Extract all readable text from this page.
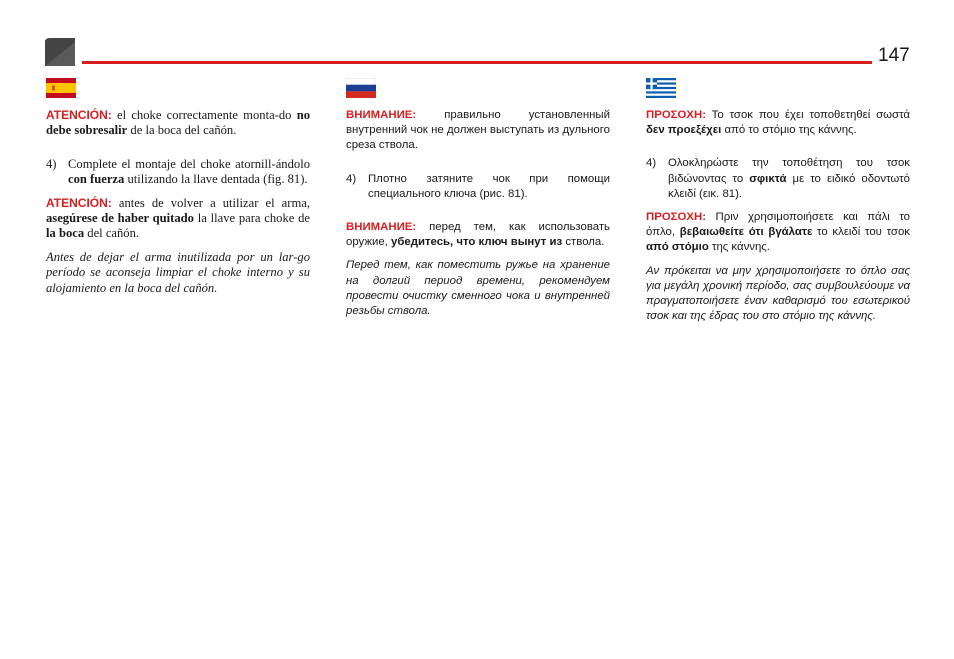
147

ATENCIÓN: el choke correctamente monta-do no debe sobresalir de la boca del cañón.

4) Complete el montaje del choke atornill-ándolo con fuerza utilizando la llave dentada (fig. 81).

ATENCIÓN: antes de volver a utilizar el arma, asegúrese de haber quitado la llave para choke de la boca del cañón.

Antes de dejar el arma inutilizada por un lar-go período se aconseja limpiar el choke interno y su alojamiento en la boca del cañón.

ВНИМАНИЕ: правильно установленный внутренний чок не должен выступать из дульного среза ствола.

4)	Плотно затяните чок при помощи специального ключа (рис. 81).

ВНИМАНИЕ: перед тем, как использовать оружие, убедитесь, что ключ вынут из ствола.

Перед тем, как поместить ружье на хранение на долгий период времени, рекомендуем провести очистку сменного чока и внутренней резьбы ствола.

ΠΡΟΣΟΧΗ: Το τσοκ που έχει τοποθετηθεί σωστά δεν προεξέχει από το στόμιο της κάννης.

4)	Ολοκληρώστε την τοποθέτηση του τσοκ βιδώνοντας το σφικτά με το ειδικό οδοντωτό κλειδί (εικ. 81).

ΠΡΟΣΟΧΗ: Πριν χρησιμοποιήσετε και πάλι το όπλο, βεβαιωθείτε ότι βγάλατε το κλειδί του τσοκ από στόμιο της κάννης.

Αν πρόκειται να μην χρησιμοποιήσετε το όπλο σας για μεγάλη χρονική περίοδο, σας συμβουλεύουμε να πραγματοποιήσετε έναν καθαρισμό του εσωτερικού τσοκ και της έδρας του στο στόμιο της κάννης.
